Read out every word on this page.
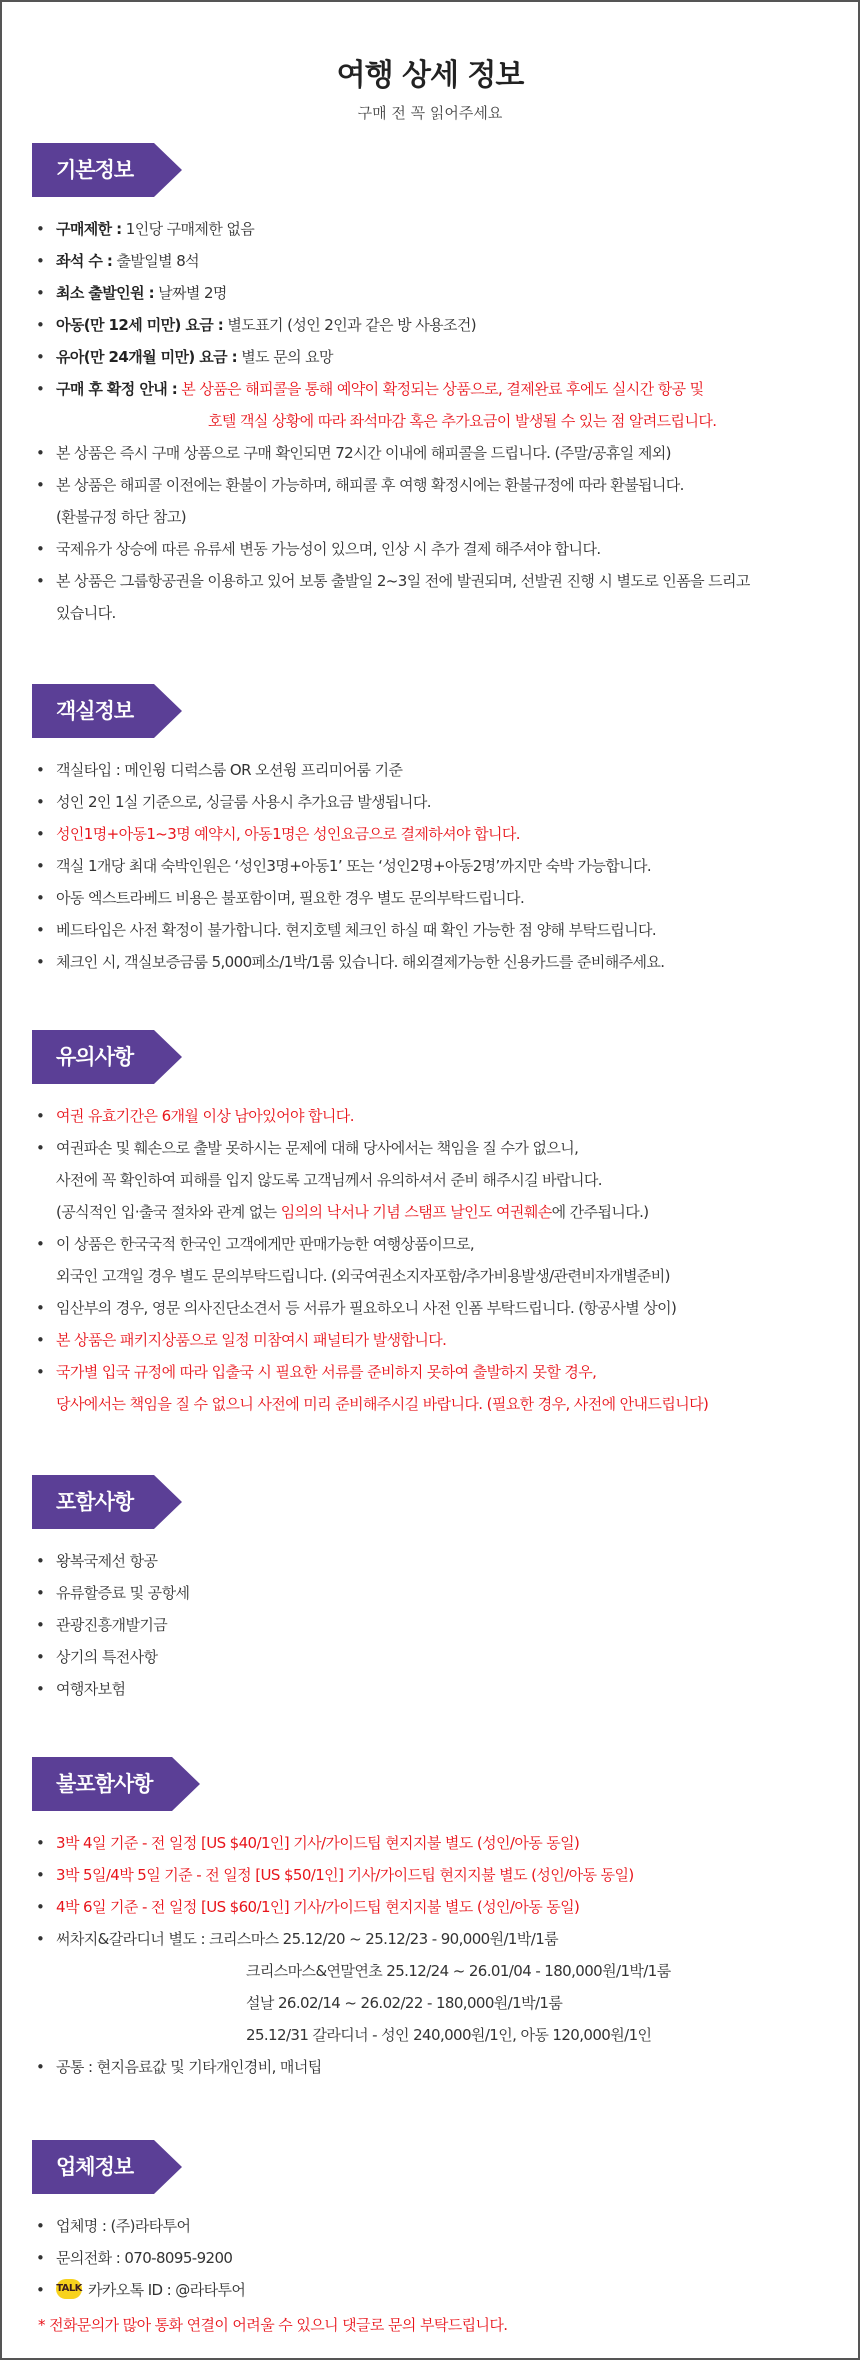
여행 상세 정보
구매 전 꼭 읽어주세요
기본정보
• 구매제한 : 1인당 구매제한 없음
• 좌석 수 : 출발일별 8석
• 최소 출발인원 : 날짜별 2명
• 아동(만 12세 미만) 요금 : 별도표기 (성인 2인과 같은 방 사용조건)
• 유아(만 24개월 미만) 요금 : 별도 문의 요망
• 구매 후 확정 안내 : 본 상품은 해피콜을 통해 예약이 확정되는 상품으로, 결제완료 후에도 실시간 항공 및
호텔 객실 상황에 따라 좌석마감 혹은 추가요금이 발생될 수 있는 점 알려드립니다.
• 본 상품은 즉시 구매 상품으로 구매 확인되면 72시간 이내에 해피콜을 드립니다. (주말/공휴일 제외)
• 본 상품은 해피콜 이전에는 환불이 가능하며, 해피콜 후 여행 확정시에는 환불규정에 따라 환불됩니다.
(환불규정 하단 참고)
• 국제유가 상승에 따른 유류세 변동 가능성이 있으며, 인상 시 추가 결제 해주셔야 합니다.
• 본 상품은 그룹항공권을 이용하고 있어 보통 출발일 2~3일 전에 발권되며, 선발권 진행 시 별도로 인폼을 드리고
있습니다.
객실정보
• 객실타입 : 메인윙 디럭스룸 OR 오션윙 프리미어룸 기준
• 성인 2인 1실 기준으로, 싱글룸 사용시 추가요금 발생됩니다.
• 성인1명+아동1~3명 예약시, 아동1명은 성인요금으로 결제하셔야 합니다.
• 객실 1개당 최대 숙박인원은 ‘성인3명+아동1’ 또는 ‘성인2명+아동2명’까지만 숙박 가능합니다.
• 아동 엑스트라베드 비용은 불포함이며, 필요한 경우 별도 문의부탁드립니다.
• 베드타입은 사전 확정이 불가합니다. 현지호텔 체크인 하실 때 확인 가능한 점 양해 부탁드립니다.
• 체크인 시, 객실보증금룸 5,000페소/1박/1룸 있습니다. 해외결제가능한 신용카드를 준비해주세요.
유의사항
• 여권 유효기간은 6개월 이상 남아있어야 합니다.
• 여권파손 및 훼손으로 출발 못하시는 문제에 대해 당사에서는 책임을 질 수가 없으니,
사전에 꼭 확인하여 피해를 입지 않도록 고객님께서 유의하셔서 준비 해주시길 바랍니다.
(공식적인 입·출국 절차와 관계 없는 임의의 낙서나 기념 스탬프 날인도 여권훼손에 간주됩니다.)
• 이 상품은 한국국적 한국인 고객에게만 판매가능한 여행상품이므로,
외국인 고객일 경우 별도 문의부탁드립니다. (외국여권소지자포함/추가비용발생/관련비자개별준비)
• 임산부의 경우, 영문 의사진단소견서 등 서류가 필요하오니 사전 인폼 부탁드립니다. (항공사별 상이)
• 본 상품은 패키지상품으로 일정 미참여시 패널티가 발생합니다.
• 국가별 입국 규정에 따라 입출국 시 필요한 서류를 준비하지 못하여 출발하지 못할 경우,
당사에서는 책임을 질 수 없으니 사전에 미리 준비해주시길 바랍니다. (필요한 경우, 사전에 안내드립니다)
포함사항
• 왕복국제선 항공
• 유류할증료 및 공항세
• 관광진흥개발기금
• 상기의 특전사항
• 여행자보험
불포함사항
• 3박 4일 기준 - 전 일정 [US $40/1인] 기사/가이드팁 현지지불 별도 (성인/아동 동일)
• 3박 5일/4박 5일 기준 - 전 일정 [US $50/1인] 기사/가이드팁 현지지불 별도 (성인/아동 동일)
• 4박 6일 기준 - 전 일정 [US $60/1인] 기사/가이드팁 현지지불 별도 (성인/아동 동일)
• 써차지&갈라디너 별도 : 크리스마스 25.12/20 ~ 25.12/23 - 90,000원/1박/1룸
크리스마스&연말연초 25.12/24 ~ 26.01/04 - 180,000원/1박/1룸
설날 26.02/14 ~ 26.02/22 - 180,000원/1박/1룸
25.12/31 갈라디너 - 성인 240,000원/1인, 아동 120,000원/1인
• 공통 : 현지음료값 및 기타개인경비, 매너팁
업체정보
• 업체명 : (주)라타투어
• 문의전화 : 070-8095-9200
• TALK 카카오톡 ID : @라타투어
* 전화문의가 많아 통화 연결이 어려울 수 있으니 댓글로 문의 부탁드립니다.
